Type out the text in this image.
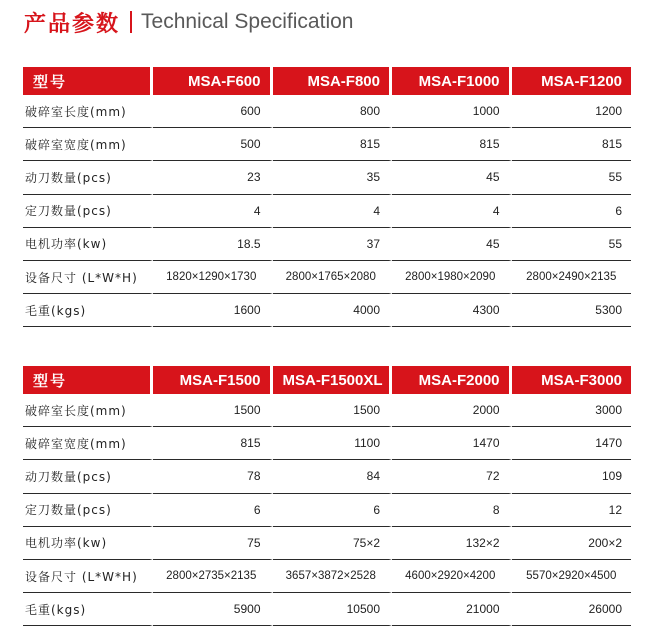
产品参数 Technical Specification
型号	MSA-F600	MSA-F800	MSA-F1000	MSA-F1200
破碎室长度(mm)	600	800	1000	1200
破碎室宽度(mm)	500	815	815	815
动刀数量(pcs)	23	35	45	55
定刀数量(pcs)	4	4	4	6
电机功率(kw)	18.5	37	45	55
设备尺寸 (L*W*H)	1820×1290×1730	2800×1765×2080	2800×1980×2090	2800×2490×2135
毛重(kgs)	1600	4000	4300	5300
型号	MSA-F1500	MSA-F1500XL	MSA-F2000	MSA-F3000
破碎室长度(mm)	1500	1500	2000	3000
破碎室宽度(mm)	815	1100	1470	1470
动刀数量(pcs)	78	84	72	109
定刀数量(pcs)	6	6	8	12
电机功率(kw)	75	75×2	132×2	200×2
设备尺寸 (L*W*H)	2800×2735×2135	3657×3872×2528	4600×2920×4200	5570×2920×4500
毛重(kgs)	5900	10500	21000	26000
